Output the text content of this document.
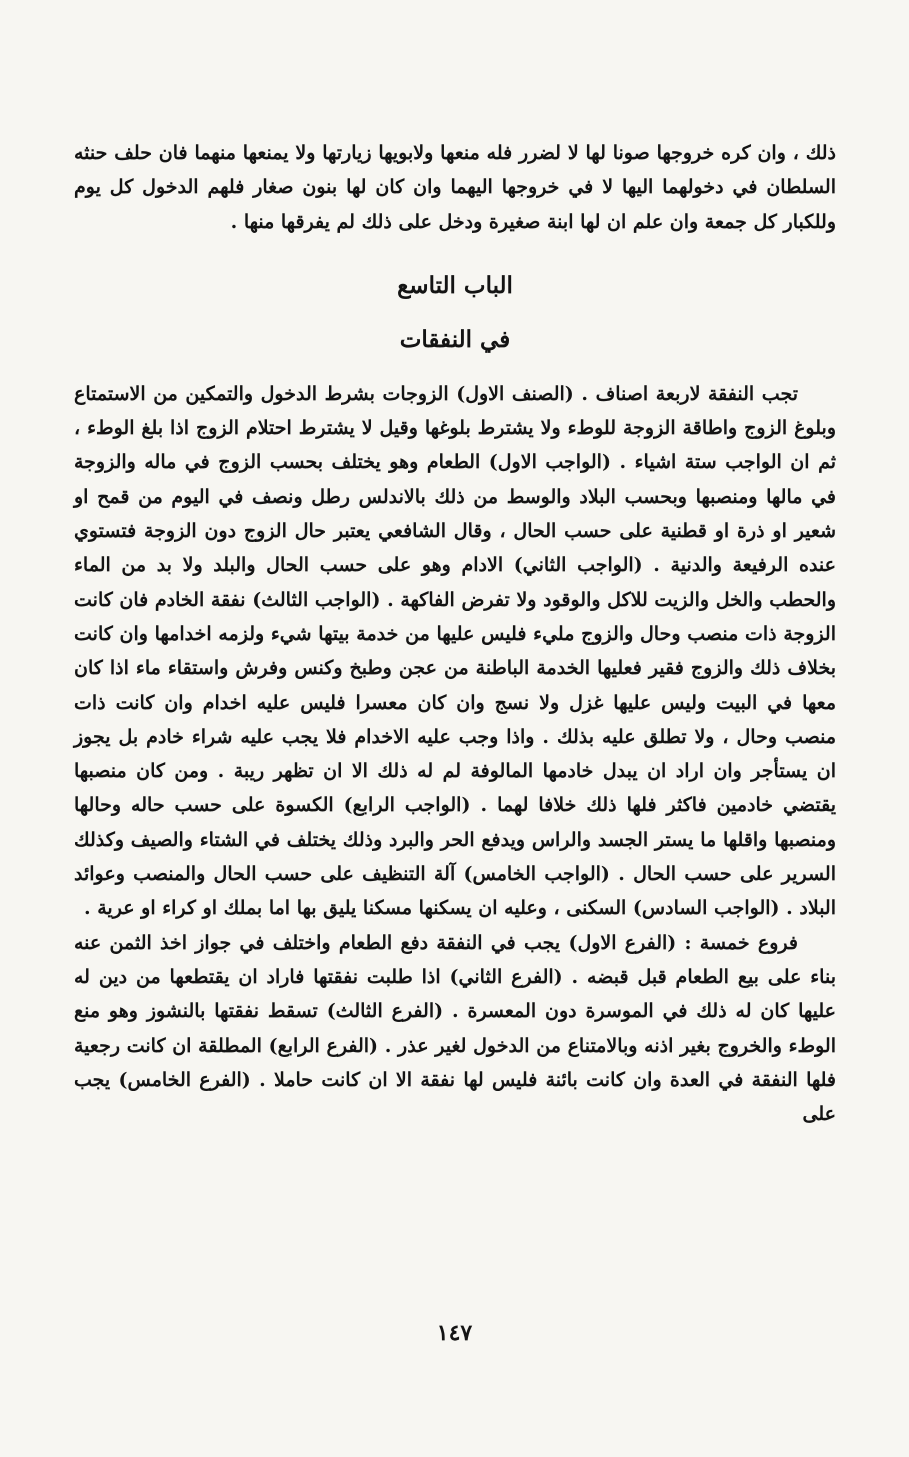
ذلك ، وان كره خروجها صونا لها لا لضرر فله منعها ولابويها زيارتها ولا يمنعها منهما فان حلف حنثه السلطان في دخولهما اليها لا في خروجها اليهما وان كان لها بنون صغار فلهم الدخول كل يوم وللكبار كل جمعة وان علم ان لها ابنة صغيرة ودخل على ذلك لم يفرقها منها .

الباب التاسع
في النفقات

تجب النفقة لاربعة اصناف . (الصنف الاول) الزوجات بشرط الدخول والتمكين من الاستمتاع وبلوغ الزوج واطاقة الزوجة للوطء ولا يشترط بلوغها وقيل لا يشترط احتلام الزوج اذا بلغ الوطء ، ثم ان الواجب ستة اشياء . (الواجب الاول) الطعام وهو يختلف بحسب الزوج في ماله والزوجة في مالها ومنصبها وبحسب البلاد والوسط من ذلك بالاندلس رطل ونصف في اليوم من قمح او شعير او ذرة او قطنية على حسب الحال ، وقال الشافعي يعتبر حال الزوج دون الزوجة فتستوي عنده الرفيعة والدنية . (الواجب الثاني) الادام وهو على حسب الحال والبلد ولا بد من الماء والحطب والخل والزيت للاكل والوقود ولا تفرض الفاكهة . (الواجب الثالث) نفقة الخادم فان كانت الزوجة ذات منصب وحال والزوج مليء فليس عليها من خدمة بيتها شيء ولزمه اخدامها وان كانت بخلاف ذلك والزوج فقير فعليها الخدمة الباطنة من عجن وطبخ وكنس وفرش واستقاء ماء اذا كان معها في البيت وليس عليها غزل ولا نسج وان كان معسرا فليس عليه اخدام وان كانت ذات منصب وحال ، ولا تطلق عليه بذلك . واذا وجب عليه الاخدام فلا يجب عليه شراء خادم بل يجوز ان يستأجر وان اراد ان يبدل خادمها المالوفة لم له ذلك الا ان تظهر ريبة . ومن كان منصبها يقتضي خادمين فاكثر فلها ذلك خلافا لهما . (الواجب الرابع) الكسوة على حسب حاله وحالها ومنصبها واقلها ما يستر الجسد والراس ويدفع الحر والبرد وذلك يختلف في الشتاء والصيف وكذلك السرير على حسب الحال . (الواجب الخامس) آلة التنظيف على حسب الحال والمنصب وعوائد البلاد . (الواجب السادس) السكنى ، وعليه ان يسكنها مسكنا يليق بها اما بملك او كراء او عرية .

فروع خمسة : (الفرع الاول) يجب في النفقة دفع الطعام واختلف في جواز اخذ الثمن عنه بناء على بيع الطعام قبل قبضه . (الفرع الثاني) اذا طلبت نفقتها فاراد ان يقتطعها من دين له عليها كان له ذلك في الموسرة دون المعسرة . (الفرع الثالث) تسقط نفقتها بالنشوز وهو منع الوطء والخروج بغير اذنه وبالامتناع من الدخول لغير عذر . (الفرع الرابع) المطلقة ان كانت رجعية فلها النفقة في العدة وان كانت بائنة فليس لها نفقة الا ان كانت حاملا . (الفرع الخامس) يجب على

١٤٧
